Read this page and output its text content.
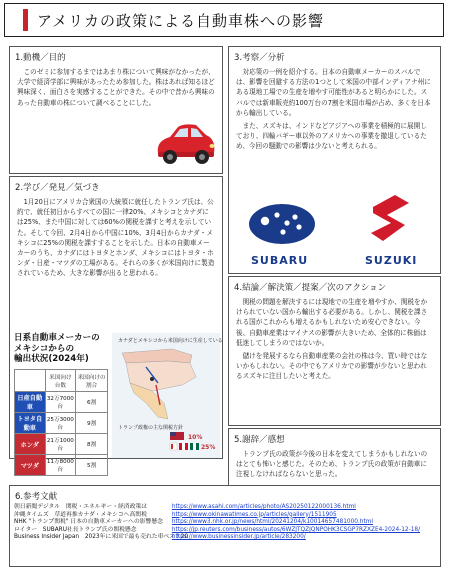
アメリカの政策による自動車株への影響
1.動機／目的

このゼミに参加するまではあまり株について興味がなかったが、大学で経済学部に興味があったため参加した。株はあれば知るほど興味深く、面白さを実感することができた。その中で昔から興味のあった自動車の株について調べることにした。

2.学び／発見／気づき

1月20日にアメリカ合衆国の大統領に就任したトランプ氏は、公約で、就任初日からすべての国に一律20%、メキシコとカナダには25%、また中国に対しては60%の関税を課すと考えを示していた。そして今回、2月4日から中国に10%、3月4日からカナダ・メキシコに25%の関税を課すすることを示した。日本の自動車メーカーのうち、カナダにはトヨタとホンダ、メキシコにはトヨタ・ホンダ・日産・マツダの工場がある。それらの多くが米国向けに製造されているため、大きな影響が出ると思われる。

日系自動車メーカーの
メキシコからの
輸出状況(2024年)
	米国向け台数	米国向けの割合
日産自動車	32万7000台	6割
トヨタ自動車	25万3000台	9割
ホンダ	21万1000台	8割
マツダ	11万8000台	5割
カナダとメキシコから米国向けに生産している
トランプ政権の主な関税方針
10%
25%
3.考察／分析

対応策の一例を紹介する。日本の自動車メーカーのスバルでは、影響を回避する方法の1つとして米国の中部インディアナ州にある現地工場での生産を増やす可能性があると明らかにした。スバルでは新車販売約100万台の7割を米国市場が占め、多くを日本から輸出している。

また、スズキは、インドなどアジアへの事業を積極的に展開しており、四輪バギー車以外のアメリカへの事業を撤退しているため、今回の騒動での影響は少ないと考えられる。

SUBARU	SUZUKI
4.結論／解決策／提案／次のアクション

関税の問題を解決するには現地での生産を増やすか、関税をかけられていない国から輸出する必要がある。しかし、関税を課される国がこれからも増えるかもしれないため安心できない。今後、自動車産業はマイナスの影響が大きいため、全体的に株価は低迷してしまうのではないか。

儲けを発展するなら自動車産業の会社の株は今、買い時ではないかもしれない。その中でもアメリカでの影響が少ないと思われるスズキに注目したいと考えた。

5.謝辞／感想

トランプ氏の政策が今後の日本を変えてしまうかもしれないのはとても怖いと感じた。そのため、トランプ氏の政策が自動車に注視しなければならないと思った。

6.参考文献
朝日新聞デジタル　関税・エネルギー・経済政策は	https://www.asahi.com/articles/photo/AS20250122000136.html
沖縄タイムズ　草道再推カナダ・メキシコへ高関税	https://www.okinawatimes.co.jp/articles/gallery/1511905
NHK "トランプ関税" 日本の自動車メーカーへの影響懸念 https://www3.nhk.or.jp/news/html/20241204/k10014657481000.html
ロイター　SUBARU社長トランプ氏の関税懸念	https://jp.reuters.com/business/autos/6WZJTQZJQNPOHK3CSGP7RZXZE4-2024-12-18/
Business Insider Japan　2023年に米国で最も売れた車ベスト20 https://www.businessinsider.jp/article/283200/
